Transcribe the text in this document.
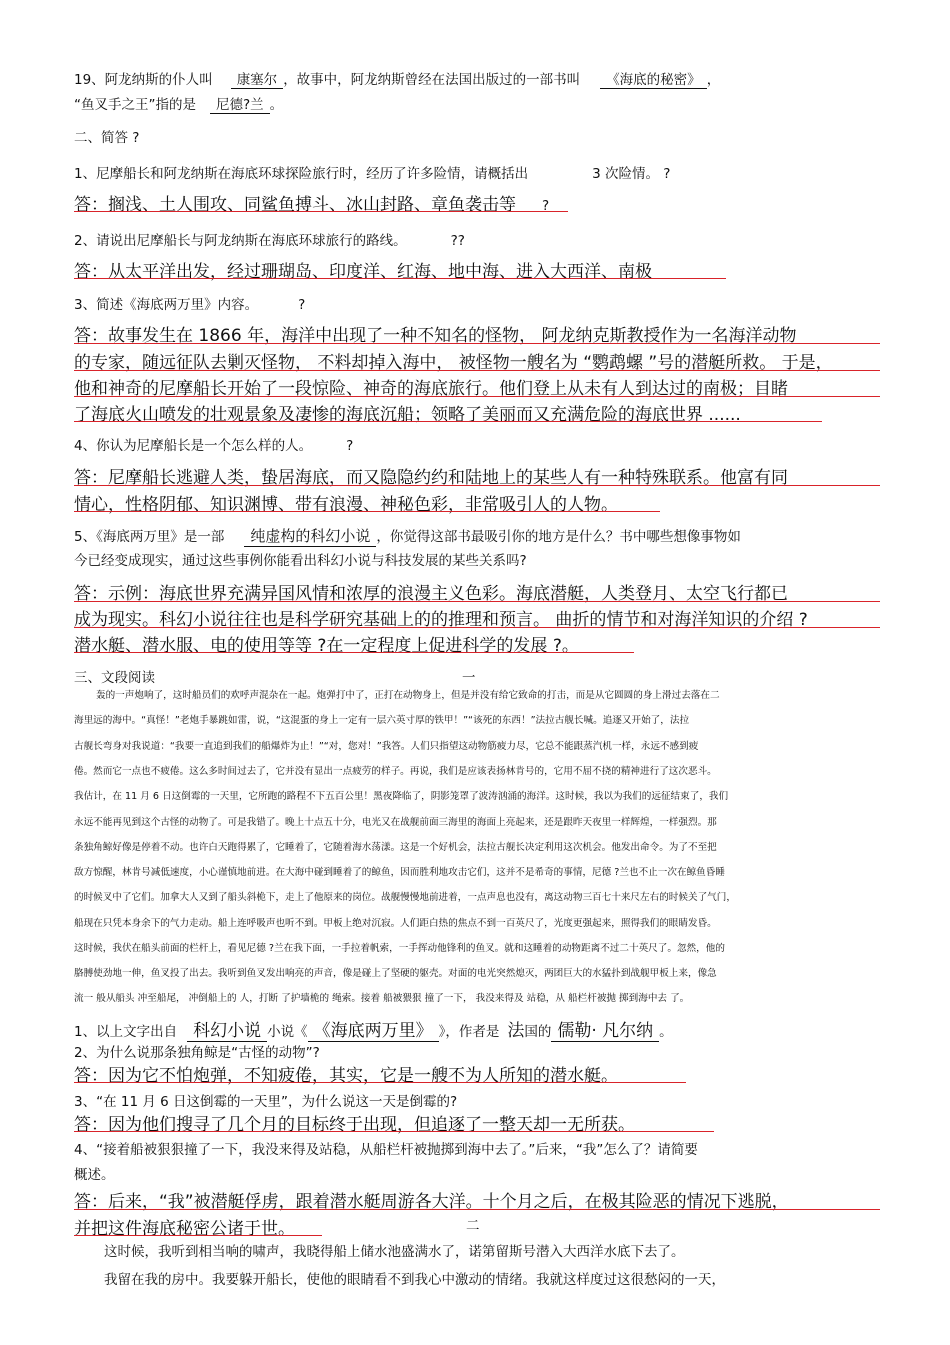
19、阿龙纳斯的仆人叫 康塞尔 ，故事中，阿龙纳斯曾经在法国出版过的一部书叫 《海底的秘密》 ，
“鱼叉手之王”指的是 尼德?兰 。
二、简答 ?
1、尼摩船长和阿龙纳斯在海底环球探险旅行时，经历了许多险情，请概括出	3 次险情。 ?
答：搁浅、土人围攻、同鲨鱼搏斗、冰山封路、章鱼袭击等 ?
2、请说出尼摩船长与阿龙纳斯在海底环球旅行的路线。	??
答：从太平洋出发，经过珊瑚岛、印度洋、红海、地中海、进入大西洋、南极
3、简述《海底两万里》内容。	?
答：故事发生在 1866 年，海洋中出现了一种不知名的怪物， 阿龙纳克斯教授作为一名海洋动物
的专家，随远征队去剿灭怪物， 不料却掉入海中， 被怪物一艘名为 “鹦鹉螺 ”号的潜艇所救。 于是，
他和神奇的尼摩船长开始了一段惊险、神奇的海底旅行。他们登上从未有人到达过的南极；目睹
了海底火山喷发的壮观景象及凄惨的海底沉船；领略了美丽而又充满危险的海底世界 ......
4、你认为尼摩船长是一个怎么样的人。	?
答：尼摩船长逃避人类，蛰居海底，而又隐隐约约和陆地上的某些人有一种特殊联系。他富有同
情心，性格阴郁、知识渊博、带有浪漫、神秘色彩，非常吸引人的人物。
5、《海底两万里》是一部 纯虚构的科幻小说 ，你觉得这部书最吸引你的地方是什么？书中哪些想像事物如
今已经变成现实，通过这些事例你能看出科幻小说与科技发展的某些关系吗?
答：示例：海底世界充满异国风情和浓厚的浪漫主义色彩。海底潜艇，人类登月、太空飞行都已
成为现实。科幻小说往往也是科学研究基础上的的推理和预言。 曲折的情节和对海洋知识的介绍 ?
潜水艇、潜水服、电的使用等等 ?在一定程度上促进科学的发展 ?。
三、文段阅读	一
轰的一声炮响了，这时船员们的欢呼声混杂在一起。炮弹打中了，正打在动物身上，但是并没有给它致命的打击，而是从它圆圆的身上滑过去落在二
海里远的海中。“真怪！”老炮手暴跳如雷，说，“这混蛋的身上一定有一层六英寸厚的铁甲！”“该死的东西！”法拉古舰长喊。追逐又开始了，法拉
古舰长弯身对我说道：“我要一直追到我们的船爆炸为止！”“对，您对！”我答。人们只指望这动物筋疲力尽，它总不能跟蒸汽机一样，永远不感到疲
倦。然而它一点也不疲倦。这么多时间过去了，它并没有显出一点疲劳的样子。再说，我们是应该表扬林肯号的，它用不屈不挠的精神进行了这次恶斗。
我估计，在 11 月 6 日这倒霉的一天里，它所跑的路程不下五百公里！黑夜降临了，阴影笼罩了波涛汹涌的海洋。这时候，我以为我们的远征结束了，我们
永远不能再见到这个古怪的动物了。可是我错了。晚上十点五十分，电光又在战舰前面三海里的海面上亮起来，还是跟昨天夜里一样辉煌，一样强烈。那
条独角鲸好像是停着不动。也许白天跑得累了，它睡着了，它随着海水荡漾。这是一个好机会，法拉古舰长决定利用这次机会。他发出命令。为了不至把
敌方惊醒，林肯号减低速度，小心谨慎地前进。在大海中碰到睡着了的鲸鱼，因而胜利地攻击它们，这并不是希奇的事情，尼德 ?兰也不止一次在鲸鱼昏睡
的时候叉中了它们。加拿大人又到了船头斜桅下，走上了他原来的岗位。战舰慢慢地前进着，一点声息也没有，离这动物三百七十来尺左右的时候关了气门，
船现在只凭本身余下的气力走动。船上连呼吸声也听不到。甲板上绝对沉寂。人们距白热的焦点不到一百英尺了，光度更强起来，照得我们的眼睛发昏。
这时候，我伏在船头前面的栏杆上，看见尼德 ?兰在我下面，一手拉着帆索，一手挥动他锋利的鱼叉。就和这睡着的动物距离不过二十英尺了。忽然，他的
胳膊使劲地一伸，鱼叉投了出去。我听到鱼叉发出响亮的声音，像是碰上了坚硬的躯壳。对面的电光突然熄灭，两团巨大的水猛扑到战舰甲板上来，像急
流一 般从船头 冲至船尾， 冲倒船上的 人，打断 了护墙桅的 绳索。接着 船被猥狠 撞了一下， 我没来得及 站稳，从 船栏杆被抛 掷到海中去 了。
1、以上文字出自 科幻小说 小说《 《海底两万里》 》，作者是 法国的 儒勒· 凡尔纳 。
2、为什么说那条独角鲸是“古怪的动物”?
答：因为它不怕炮弹，不知疲倦，其实，它是一艘不为人所知的潜水艇。
3、“在 11 月 6 日这倒霉的一天里”，为什么说这一天是倒霉的?
答：因为他们搜寻了几个月的目标终于出现，但追逐了一整天却一无所获。
4、“接着船被狠狠撞了一下，我没来得及站稳，从船栏杆被抛掷到海中去了。”后来，“我”怎么了？请简要
概述。
答：后来，“我”被潜艇俘虏，跟着潜水艇周游各大洋。十个月之后，在极其险恶的情况下逃脱，
并把这件海底秘密公诸于世。	二
这时候，我听到相当响的啸声，我晓得船上储水池盛满水了，诺第留斯号潜入大西洋水底下去了。
我留在我的房中。我要躲开船长，使他的眼睛看不到我心中激动的情绪。我就这样度过这很愁闷的一天，
